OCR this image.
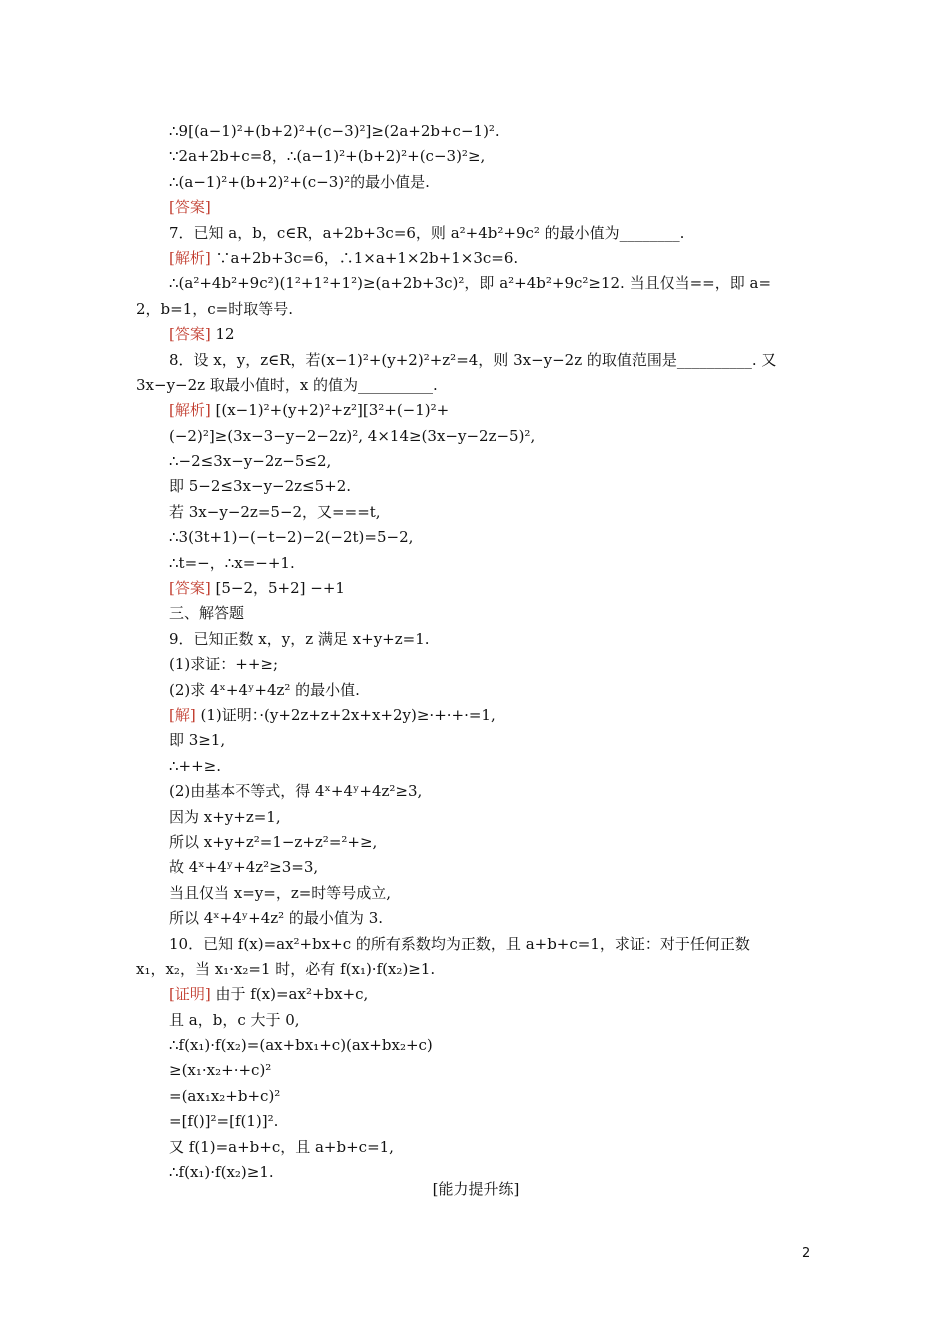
∴9[(a−1)²+(b+2)²+(c−3)²]≥(2a+2b+c−1)².
∵2a+2b+c=8，∴(a−1)²+(b+2)²+(c−3)²≥,
∴(a−1)²+(b+2)²+(c−3)²的最小值是.
[答案]
7．已知 a，b，c∈R，a+2b+3c=6，则 a²+4b²+9c² 的最小值为________.
[解析] ∵a+2b+3c=6，∴1×a+1×2b+1×3c=6.
∴(a²+4b²+9c²)(1²+1²+1²)≥(a+2b+3c)²，即 a²+4b²+9c²≥12. 当且仅当==，即 a=
2，b=1，c=时取等号.
[答案] 12
8．设 x，y，z∈R，若(x−1)²+(y+2)²+z²=4，则 3x−y−2z 的取值范围是__________. 又
3x−y−2z 取最小值时，x 的值为__________.
[解析] [(x−1)²+(y+2)²+z²][3²+(−1)²+
(−2)²]≥(3x−3−y−2−2z)², 4×14≥(3x−y−2z−5)²,
∴−2≤3x−y−2z−5≤2,
即 5−2≤3x−y−2z≤5+2.
若 3x−y−2z=5−2，又===t,
∴3(3t+1)−(−t−2)−2(−2t)=5−2,
∴t=−，∴x=−+1.
[答案] [5−2，5+2] −+1
三、解答题
9．已知正数 x，y，z 满足 x+y+z=1.
(1)求证：++≥;
(2)求 4ˣ+4ʸ+4z² 的最小值.
[解] (1)证明：·(y+2z+z+2x+x+2y)≥·+·+·=1,
即 3≥1,
∴++≥.
(2)由基本不等式，得 4ˣ+4ʸ+4z²≥3,
因为 x+y+z=1,
所以 x+y+z²=1−z+z²=²+≥,
故 4ˣ+4ʸ+4z²≥3=3,
当且仅当 x=y=，z=时等号成立,
所以 4ˣ+4ʸ+4z² 的最小值为 3.
10．已知 f(x)=ax²+bx+c 的所有系数均为正数，且 a+b+c=1，求证：对于任何正数
x₁，x₂，当 x₁·x₂=1 时，必有 f(x₁)·f(x₂)≥1.
[证明] 由于 f(x)=ax²+bx+c,
且 a，b，c 大于 0,
∴f(x₁)·f(x₂)=(ax+bx₁+c)(ax+bx₂+c)
≥(x₁·x₂+·+c)²
=(ax₁x₂+b+c)²
=[f()]²=[f(1)]².
又 f(1)=a+b+c，且 a+b+c=1,
∴f(x₁)·f(x₂)≥1.
[能力提升练]
2
